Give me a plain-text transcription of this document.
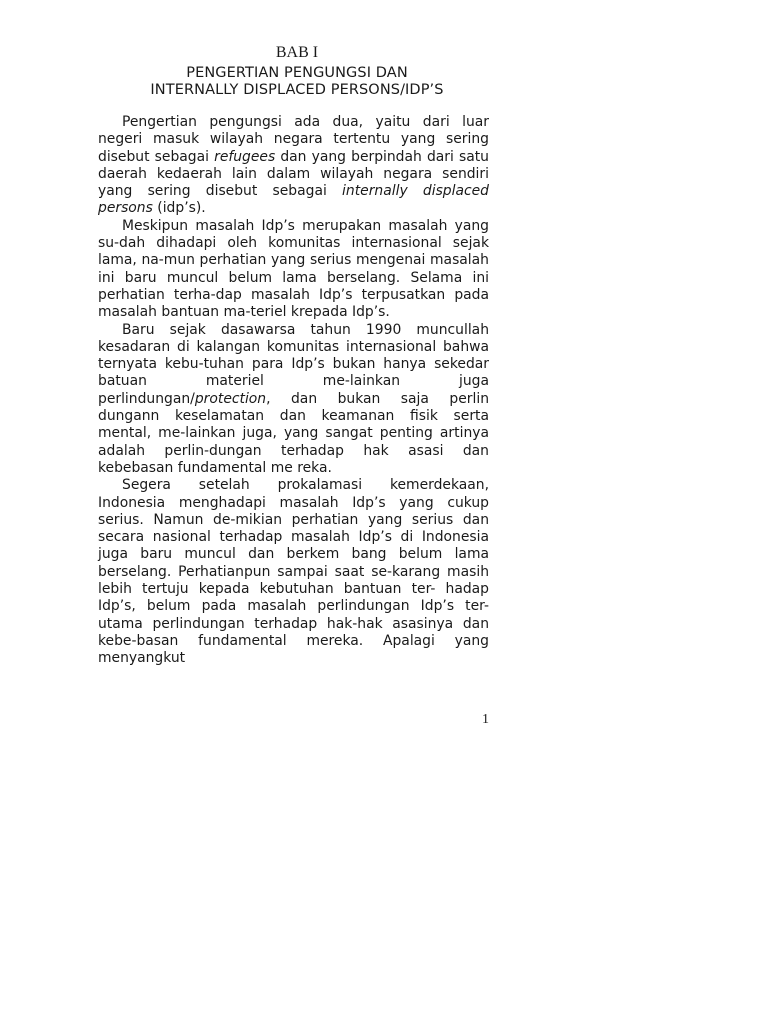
BAB I
PENGERTIAN PENGUNGSI DAN
INTERNALLY DISPLACED PERSONS/IDP’S

Pengertian pengungsi ada dua, yaitu dari luar negeri masuk wilayah negara tertentu yang sering disebut sebagai refugees dan yang berpindah dari satu daerah kedaerah lain dalam wilayah negara sendiri yang sering disebut sebagai internally displaced persons (idp’s).

Meskipun masalah Idp’s merupakan masalah yang su-dah dihadapi oleh komunitas internasional sejak lama, na-mun perhatian yang serius mengenai masalah ini baru muncul belum lama berselang. Selama ini perhatian terha-dap masalah Idp’s terpusatkan pada masalah bantuan ma-teriel krepada Idp’s.

Baru sejak dasawarsa tahun 1990 muncullah kesadaran di kalangan komunitas internasional bahwa ternyata kebu-tuhan para Idp’s bukan hanya sekedar batuan materiel me-lainkan juga perlindungan/protection, dan bukan saja perlin dungann keselamatan dan keamanan fisik serta mental, me-lainkan juga, yang sangat penting artinya adalah perlin-dungan terhadap hak asasi dan kebebasan fundamental me reka.

Segera setelah prokalamasi kemerdekaan, Indonesia menghadapi masalah Idp’s yang cukup serius. Namun de-mikian perhatian yang serius dan secara nasional terhadap masalah Idp’s di Indonesia juga baru muncul dan berkem bang belum lama berselang. Perhatianpun sampai saat se-karang masih lebih tertuju kepada kebutuhan bantuan ter- hadap Idp’s, belum pada masalah perlindungan Idp’s ter-utama perlindungan terhadap hak-hak asasinya dan kebe-basan fundamental mereka. Apalagi yang menyangkut

1
